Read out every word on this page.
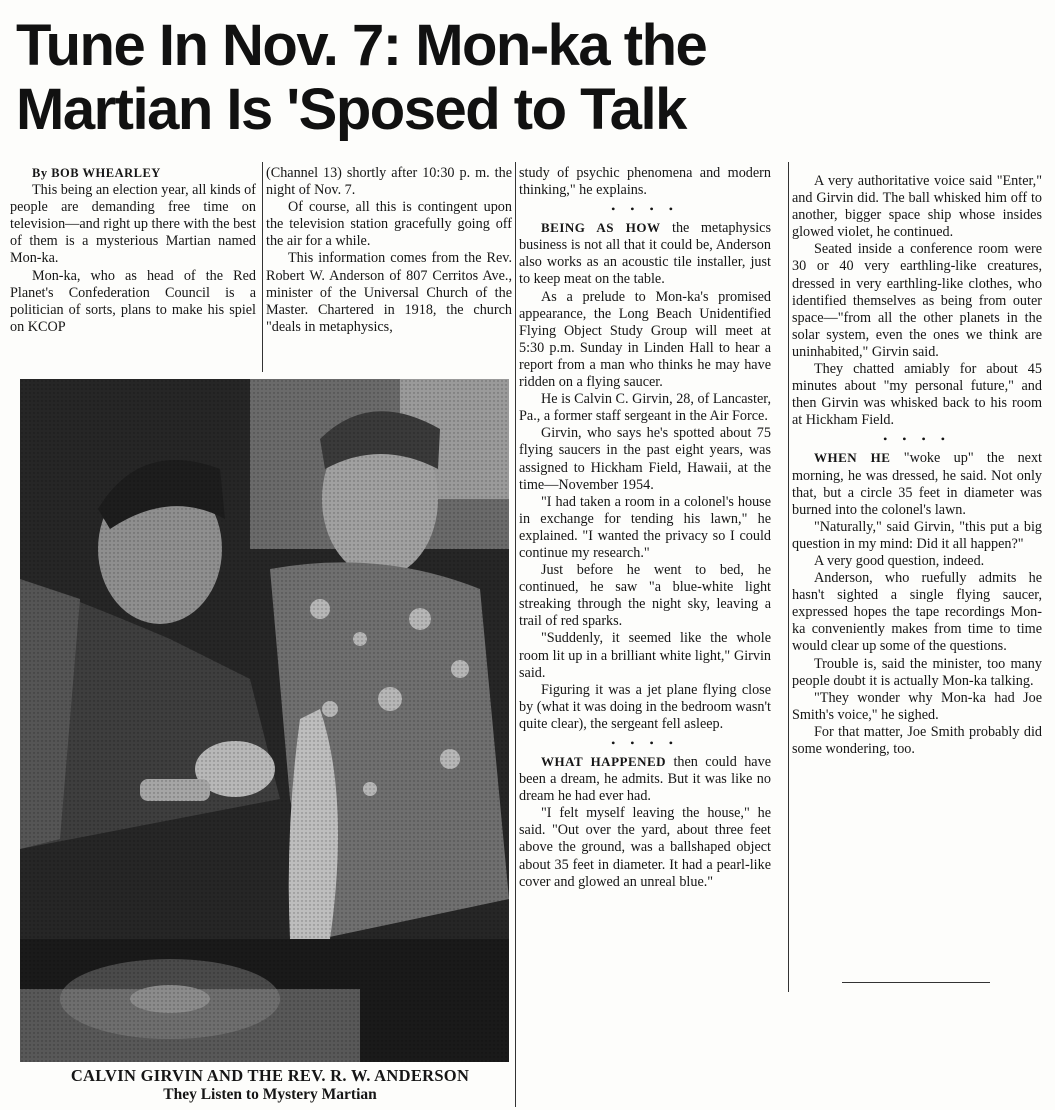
Tune In Nov. 7: Mon-ka the
Martian Is 'Sposed to Talk

By BOB WHEARLEY

This being an election year, all kinds of people are demanding free time on television—and right up there with the best of them is a mysterious Martian named Mon-ka.

Mon-ka, who as head of the Red Planet's Confederation Council is a politician of sorts, plans to make his spiel on KCOP

(Channel 13) shortly after 10:30 p. m. the night of Nov. 7.

Of course, all this is contingent upon the television station gracefully going off the air for a while.

This information comes from the Rev. Robert W. Anderson of 807 Cerritos Ave., minister of the Universal Church of the Master. Chartered in 1918, the church "deals in metaphysics,

CALVIN GIRVIN AND THE REV. R. W. ANDERSON
They Listen to Mystery Martian

study of psychic phenomena and modern thinking," he explains.

• • • •

BEING AS HOW the metaphysics business is not all that it could be, Anderson also works as an acoustic tile installer, just to keep meat on the table.

As a prelude to Mon-ka's promised appearance, the Long Beach Unidentified Flying Object Study Group will meet at 5:30 p.m. Sunday in Linden Hall to hear a report from a man who thinks he may have ridden on a flying saucer.

He is Calvin C. Girvin, 28, of Lancaster, Pa., a former staff sergeant in the Air Force.

Girvin, who says he's spotted about 75 flying saucers in the past eight years, was assigned to Hickham Field, Hawaii, at the time—November 1954.

"I had taken a room in a colonel's house in exchange for tending his lawn," he explained. "I wanted the privacy so I could continue my research."

Just before he went to bed, he continued, he saw "a blue-white light streaking through the night sky, leaving a trail of red sparks.

"Suddenly, it seemed like the whole room lit up in a brilliant white light," Girvin said.

Figuring it was a jet plane flying close by (what it was doing in the bedroom wasn't quite clear), the sergeant fell asleep.

• • • •

WHAT HAPPENED then could have been a dream, he admits. But it was like no dream he had ever had.

"I felt myself leaving the house," he said. "Out over the yard, about three feet above the ground, was a ballshaped object about 35 feet in diameter. It had a pearl-like cover and glowed an unreal blue."

A very authoritative voice said "Enter," and Girvin did. The ball whisked him off to another, bigger space ship whose insides glowed violet, he continued.

Seated inside a conference room were 30 or 40 very earthling-like creatures, dressed in very earthling-like clothes, who identified themselves as being from outer space—"from all the other planets in the solar system, even the ones we think are uninhabited," Girvin said.

They chatted amiably for about 45 minutes about "my personal future," and then Girvin was whisked back to his room at Hickham Field.

• • • •

WHEN HE "woke up" the next morning, he was dressed, he said. Not only that, but a circle 35 feet in diameter was burned into the colonel's lawn.

"Naturally," said Girvin, "this put a big question in my mind: Did it all happen?"

A very good question, indeed.

Anderson, who ruefully admits he hasn't sighted a single flying saucer, expressed hopes the tape recordings Mon-ka conveniently makes from time to time would clear up some of the questions.

Trouble is, said the minister, too many people doubt it is actually Mon-ka talking.

"They wonder why Mon-ka had Joe Smith's voice," he sighed.

For that matter, Joe Smith probably did some wondering, too.
